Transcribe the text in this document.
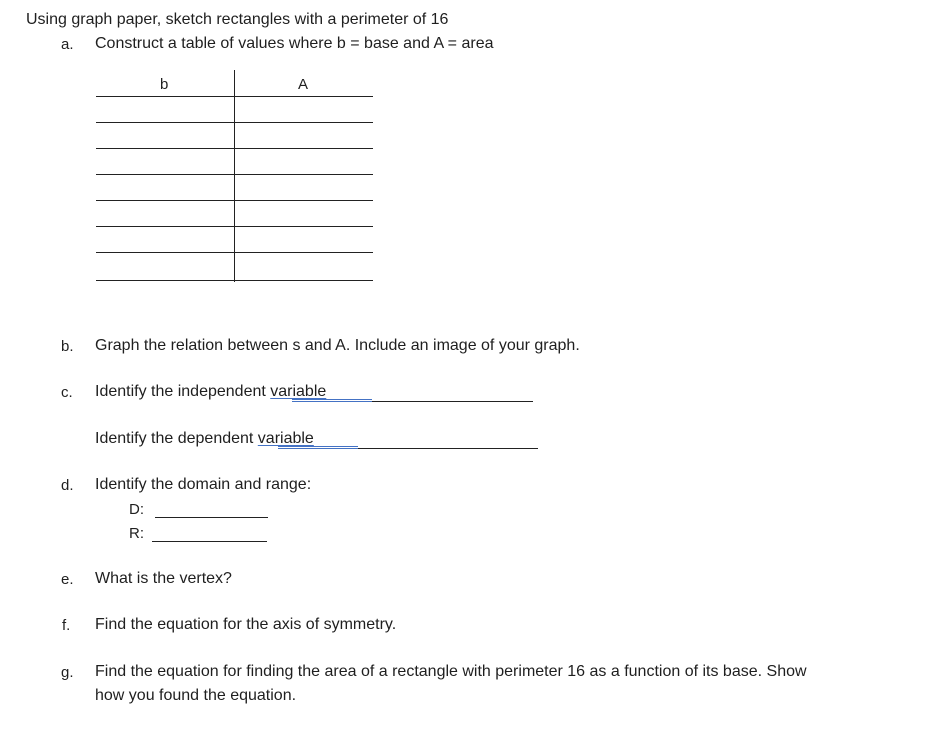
Using graph paper, sketch rectangles with a perimeter of 16
a.	Construct a table of values where b = base and A = area
b	A
b.	Graph the relation between s and A. Include an image of your graph.
c.	Identify the independent variable
Identify the dependent variable
d.	Identify the domain and range:
D:
R:
e.	What is the vertex?
f.	Find the equation for the axis of symmetry.
g.	Find the equation for finding the area of a rectangle with perimeter 16 as a function of its base. Show
how you found the equation.
